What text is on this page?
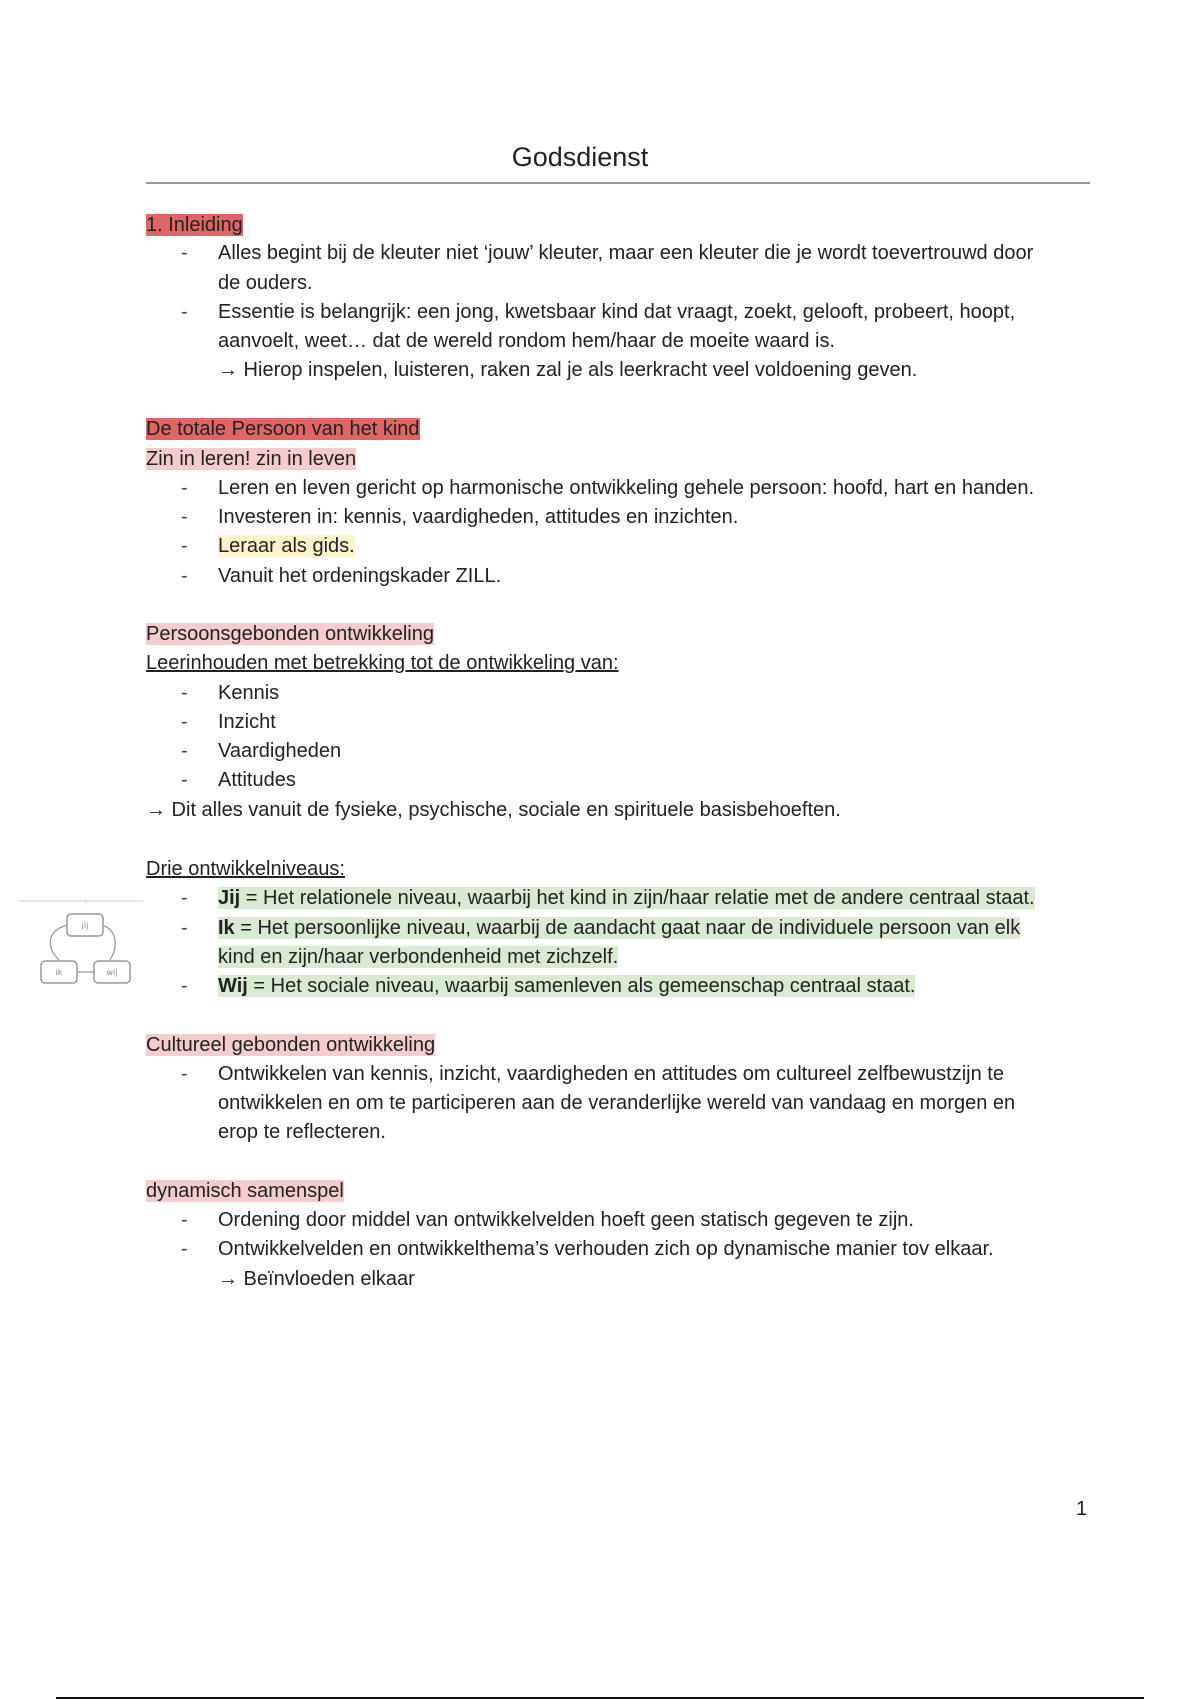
Godsdienst
1. Inleiding
- Alles begint bij de kleuter niet ‘jouw’ kleuter, maar een kleuter die je wordt toevertrouwd door
de ouders.
- Essentie is belangrijk: een jong, kwetsbaar kind dat vraagt, zoekt, gelooft, probeert, hoopt,
aanvoelt, weet… dat de wereld rondom hem/haar de moeite waard is.
→ Hierop inspelen, luisteren, raken zal je als leerkracht veel voldoening geven.
De totale Persoon van het kind
Zin in leren! zin in leven
- Leren en leven gericht op harmonische ontwikkeling gehele persoon: hoofd, hart en handen.
- Investeren in: kennis, vaardigheden, attitudes en inzichten.
- Leraar als gids.
- Vanuit het ordeningskader ZILL.
Persoonsgebonden ontwikkeling
Leerinhouden met betrekking tot de ontwikkeling van:
- Kennis
- Inzicht
- Vaardigheden
- Attitudes
→ Dit alles vanuit de fysieke, psychische, sociale en spirituele basisbehoeften.
Drie ontwikkelniveaus:
jij
ik	wij
- Jij = Het relationele niveau, waarbij het kind in zijn/haar relatie met de andere centraal staat.
- Ik = Het persoonlijke niveau, waarbij de aandacht gaat naar de individuele persoon van elk
kind en zijn/haar verbondenheid met zichzelf.
- Wij = Het sociale niveau, waarbij samenleven als gemeenschap centraal staat.
Cultureel gebonden ontwikkeling
- Ontwikkelen van kennis, inzicht, vaardigheden en attitudes om cultureel zelfbewustzijn te
ontwikkelen en om te participeren aan de veranderlijke wereld van vandaag en morgen en
erop te reflecteren.
dynamisch samenspel
- Ordening door middel van ontwikkelvelden hoeft geen statisch gegeven te zijn.
- Ontwikkelvelden en ontwikkelthema’s verhouden zich op dynamische manier tov elkaar.
→ Beïnvloeden elkaar
1
